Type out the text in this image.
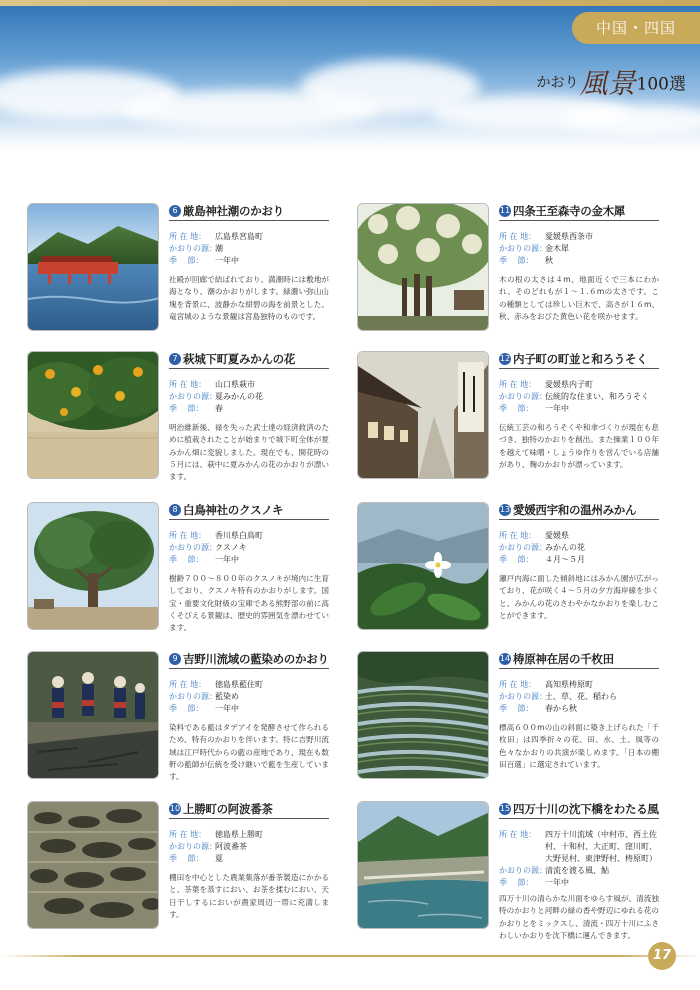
中国・四国
かおり風景100選
6 厳島神社潮のかおり
所 在 地：	広島県宮島町
かおりの源：
潮
季　 節：	一年中
社殿が回廊で結ばれており、満潮時には敷地が海となり、潮のかおりがします。緑濃い弥山山塊を背景に、波静かな紺碧の海を前景とした、竜宮城のような景観は宮島独特のものです。
7 萩城下町夏みかんの花
所 在 地：	山口県萩市
かおりの源：
夏みかんの花
季　 節：	春
明治維新後、禄を失った武士達の経済救済のために植栽されたことが始まりで城下町全体が夏みかん畑に変貌しました。現在でも、開花時の５月には、萩中に夏みかんの花のかおりが漂います。
8 白鳥神社のクスノキ
所 在 地：	香川県白鳥町
かおりの源：
クスノキ
季　 節：	一年中
樹齢７００～８００年のクスノキが境内に生育しており、クスノキ特有のかおりがします。国宝・重要文化財級の宝庫である熊野部の前に高くそびえる景観は、歴史的雰囲気を漂わせています。
9 吉野川流域の藍染めのかおり
所 在 地：	徳島県藍住町
かおりの源：
藍染め
季　 節：	一年中
染料である藍はタデアイを発酵させて作られるため、特有のかおりを伴います。特に吉野川流域は江戸時代からの藍の産地であり、現在も数軒の藍師が伝統を受け継いで藍を生産しています。
10 上勝町の阿波番茶
所 在 地：	徳島県上勝町
かおりの源：
阿波番茶
季　 節：	夏
棚田を中心とした農業集落が番茶製造にかかると、茶葉を蒸すにおい、お茶を揉むにおい、天日干しするにおいが農家周辺一帯に充満します。
11 四条王至森寺の金木犀
所 在 地：	愛媛県西条市
かおりの源：
金木犀
季　 節：	秋
木の根の太さは４m、地面近くで三本にわかれ、そのどれもが１～１.６mの太さです。この種類としては珍しい巨木で、高さが１６m、秋、赤みをおびた黄色い花を咲かせます。
12 内子町の町並と和ろうそく
所 在 地：	愛媛県内子町
かおりの源：
伝統的な住まい、和ろうそく
季　 節：	一年中
伝統工芸の和ろうそくや和傘づくりが現在も息づき、独特のかおりを創出。また操業１００年を越えて味噌・しょうゆ作りを営んでいる店舗があり、麹のかおりが漂っています。
13 愛媛西宇和の温州みかん
所 在 地：	愛媛県
かおりの源：
みかんの花
季　 節：	４月～５月
瀬戸内海に面した傾斜地にはみかん園が広がっており、花が咲く４～５月の夕方海岸線を歩くと、みかんの花のさわやかなかおりを楽しむことができます。
14 梼原神在居の千枚田
所 在 地：	高知県梼原町
かおりの源：
土、草、花、稲わら
季　 節：	春から秋
標高６００mの山の斜面に築き上げられた「千枚田」は四季折々の花、田、水、土、風等の色々なかおりの共演が楽しめます。「日本の棚田百選」に選定されています。
15 四万十川の沈下橋をわたる風
所 在 地：	四万十川流域（中村市、西土佐村、十和村、大正町、窪川町、大野見村、東津野村、梼原町）
かおりの源：
清流を渡る風、鮎
季　 節：	一年中
四万十川の清らかな川面をゆらす風が、清流独特のかおりと河畔の緑の香や野辺にゆれる花のかおりとをミックスし、清流・四万十川にふさわしいかおりを沈下橋に運んできます。
17
